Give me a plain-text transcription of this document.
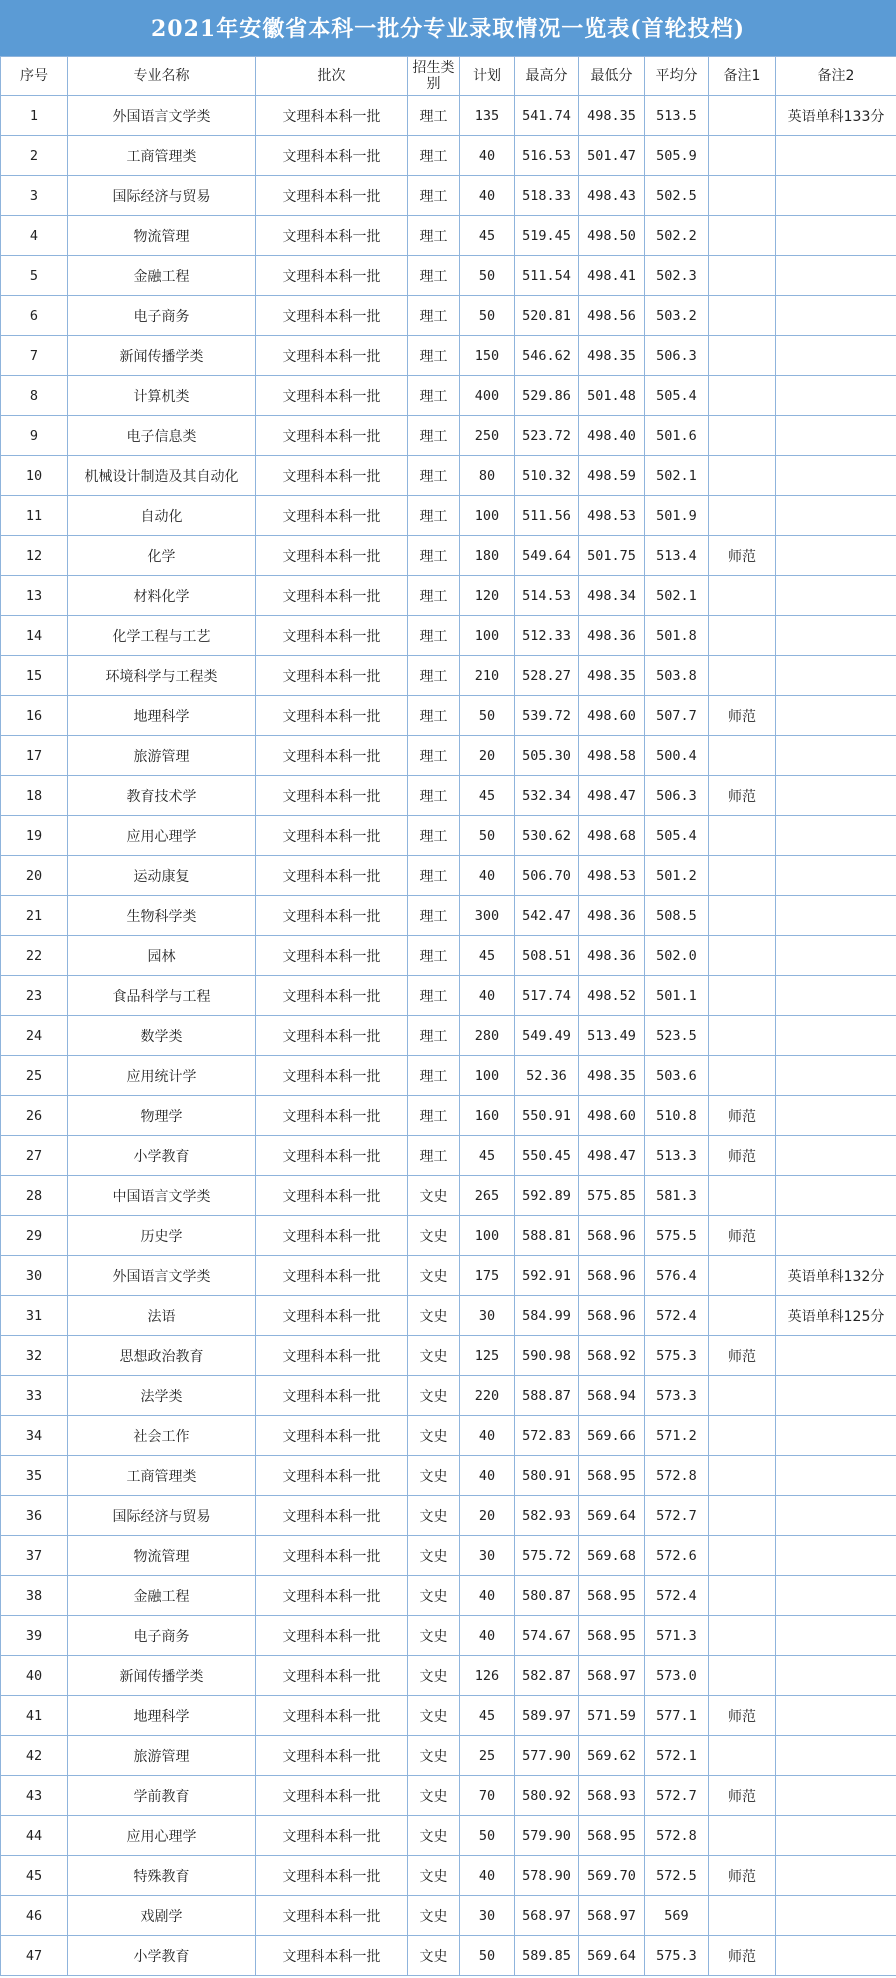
2021年安徽省本科一批分专业录取情况一览表(首轮投档)
序号	专业名称	批次	招生类别	计划	最高分	最低分	平均分	备注1	备注2
1	外国语言文学类	文理科本科一批	理工	135	541.74	498.35	513.5		英语单科133分
2	工商管理类	文理科本科一批	理工	40	516.53	501.47	505.9		
3	国际经济与贸易	文理科本科一批	理工	40	518.33	498.43	502.5		
4	物流管理	文理科本科一批	理工	45	519.45	498.50	502.2		
5	金融工程	文理科本科一批	理工	50	511.54	498.41	502.3		
6	电子商务	文理科本科一批	理工	50	520.81	498.56	503.2		
7	新闻传播学类	文理科本科一批	理工	150	546.62	498.35	506.3		
8	计算机类	文理科本科一批	理工	400	529.86	501.48	505.4		
9	电子信息类	文理科本科一批	理工	250	523.72	498.40	501.6		
10	机械设计制造及其自动化	文理科本科一批	理工	80	510.32	498.59	502.1		
11	自动化	文理科本科一批	理工	100	511.56	498.53	501.9		
12	化学	文理科本科一批	理工	180	549.64	501.75	513.4	师范	
13	材料化学	文理科本科一批	理工	120	514.53	498.34	502.1		
14	化学工程与工艺	文理科本科一批	理工	100	512.33	498.36	501.8		
15	环境科学与工程类	文理科本科一批	理工	210	528.27	498.35	503.8		
16	地理科学	文理科本科一批	理工	50	539.72	498.60	507.7	师范	
17	旅游管理	文理科本科一批	理工	20	505.30	498.58	500.4		
18	教育技术学	文理科本科一批	理工	45	532.34	498.47	506.3	师范	
19	应用心理学	文理科本科一批	理工	50	530.62	498.68	505.4		
20	运动康复	文理科本科一批	理工	40	506.70	498.53	501.2		
21	生物科学类	文理科本科一批	理工	300	542.47	498.36	508.5		
22	园林	文理科本科一批	理工	45	508.51	498.36	502.0		
23	食品科学与工程	文理科本科一批	理工	40	517.74	498.52	501.1		
24	数学类	文理科本科一批	理工	280	549.49	513.49	523.5		
25	应用统计学	文理科本科一批	理工	100	52.36	498.35	503.6		
26	物理学	文理科本科一批	理工	160	550.91	498.60	510.8	师范	
27	小学教育	文理科本科一批	理工	45	550.45	498.47	513.3	师范	
28	中国语言文学类	文理科本科一批	文史	265	592.89	575.85	581.3		
29	历史学	文理科本科一批	文史	100	588.81	568.96	575.5	师范	
30	外国语言文学类	文理科本科一批	文史	175	592.91	568.96	576.4		英语单科132分
31	法语	文理科本科一批	文史	30	584.99	568.96	572.4		英语单科125分
32	思想政治教育	文理科本科一批	文史	125	590.98	568.92	575.3	师范	
33	法学类	文理科本科一批	文史	220	588.87	568.94	573.3		
34	社会工作	文理科本科一批	文史	40	572.83	569.66	571.2		
35	工商管理类	文理科本科一批	文史	40	580.91	568.95	572.8		
36	国际经济与贸易	文理科本科一批	文史	20	582.93	569.64	572.7		
37	物流管理	文理科本科一批	文史	30	575.72	569.68	572.6		
38	金融工程	文理科本科一批	文史	40	580.87	568.95	572.4		
39	电子商务	文理科本科一批	文史	40	574.67	568.95	571.3		
40	新闻传播学类	文理科本科一批	文史	126	582.87	568.97	573.0		
41	地理科学	文理科本科一批	文史	45	589.97	571.59	577.1	师范	
42	旅游管理	文理科本科一批	文史	25	577.90	569.62	572.1		
43	学前教育	文理科本科一批	文史	70	580.92	568.93	572.7	师范	
44	应用心理学	文理科本科一批	文史	50	579.90	568.95	572.8		
45	特殊教育	文理科本科一批	文史	40	578.90	569.70	572.5	师范	
46	戏剧学	文理科本科一批	文史	30	568.97	568.97	569		
47	小学教育	文理科本科一批	文史	50	589.85	569.64	575.3	师范	
